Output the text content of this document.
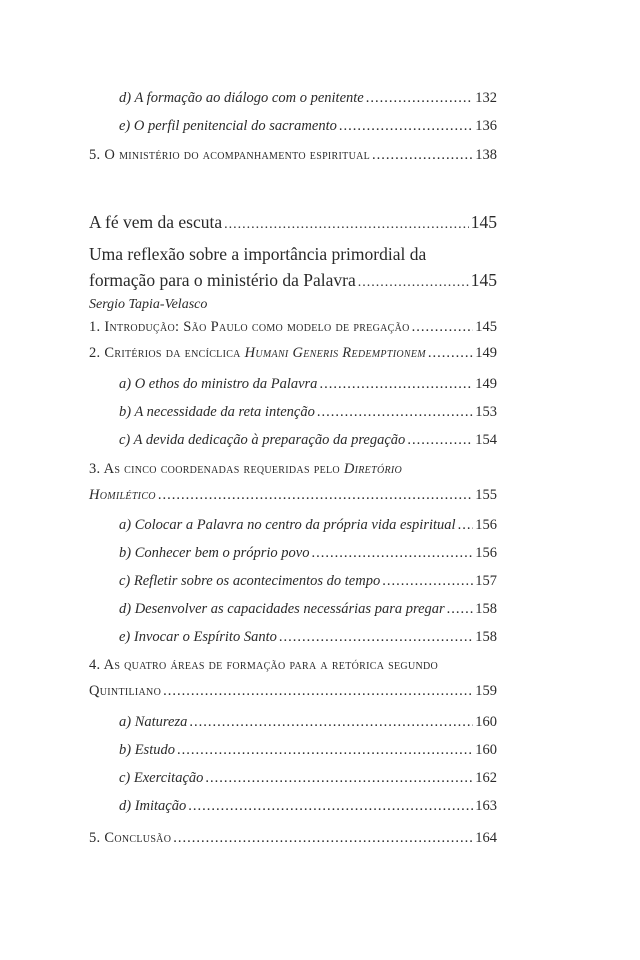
d) A formação ao diálogo com o penitente .....	132
e) O perfil penitencial do sacramento .....	136
5. O ministério do acompanhamento espiritual .....	138
A fé vem da escuta .....	145
Uma reflexão sobre a importância primordial da
formação para o ministério da Palavra .....	145
Sergio Tapia-Velasco
1. Introdução: São Paulo como modelo de pregação .....	145
2. Critérios da encíclica Humani Generis Redemptionem .....	149
a) O ethos do ministro da Palavra .....	149
b) A necessidade da reta intenção .....	153
c) A devida dedicação à preparação da pregação .....	154
3. As cinco coordenadas requeridas pelo Diretório
Homilético .....	155
a) Colocar a Palavra no centro da própria vida espiritual ..... 156
b) Conhecer bem o próprio povo .....	156
c) Refletir sobre os acontecimentos do tempo .....	157
d) Desenvolver as capacidades necessárias para pregar ..... 158
e) Invocar o Espírito Santo .....	158
4. As quatro áreas de formação para a retórica segundo
Quintiliano .....	159
a) Natureza .....	160
b) Estudo .....	160
c) Exercitação .....	162
d) Imitação .....	163
5. Conclusão .....	164
